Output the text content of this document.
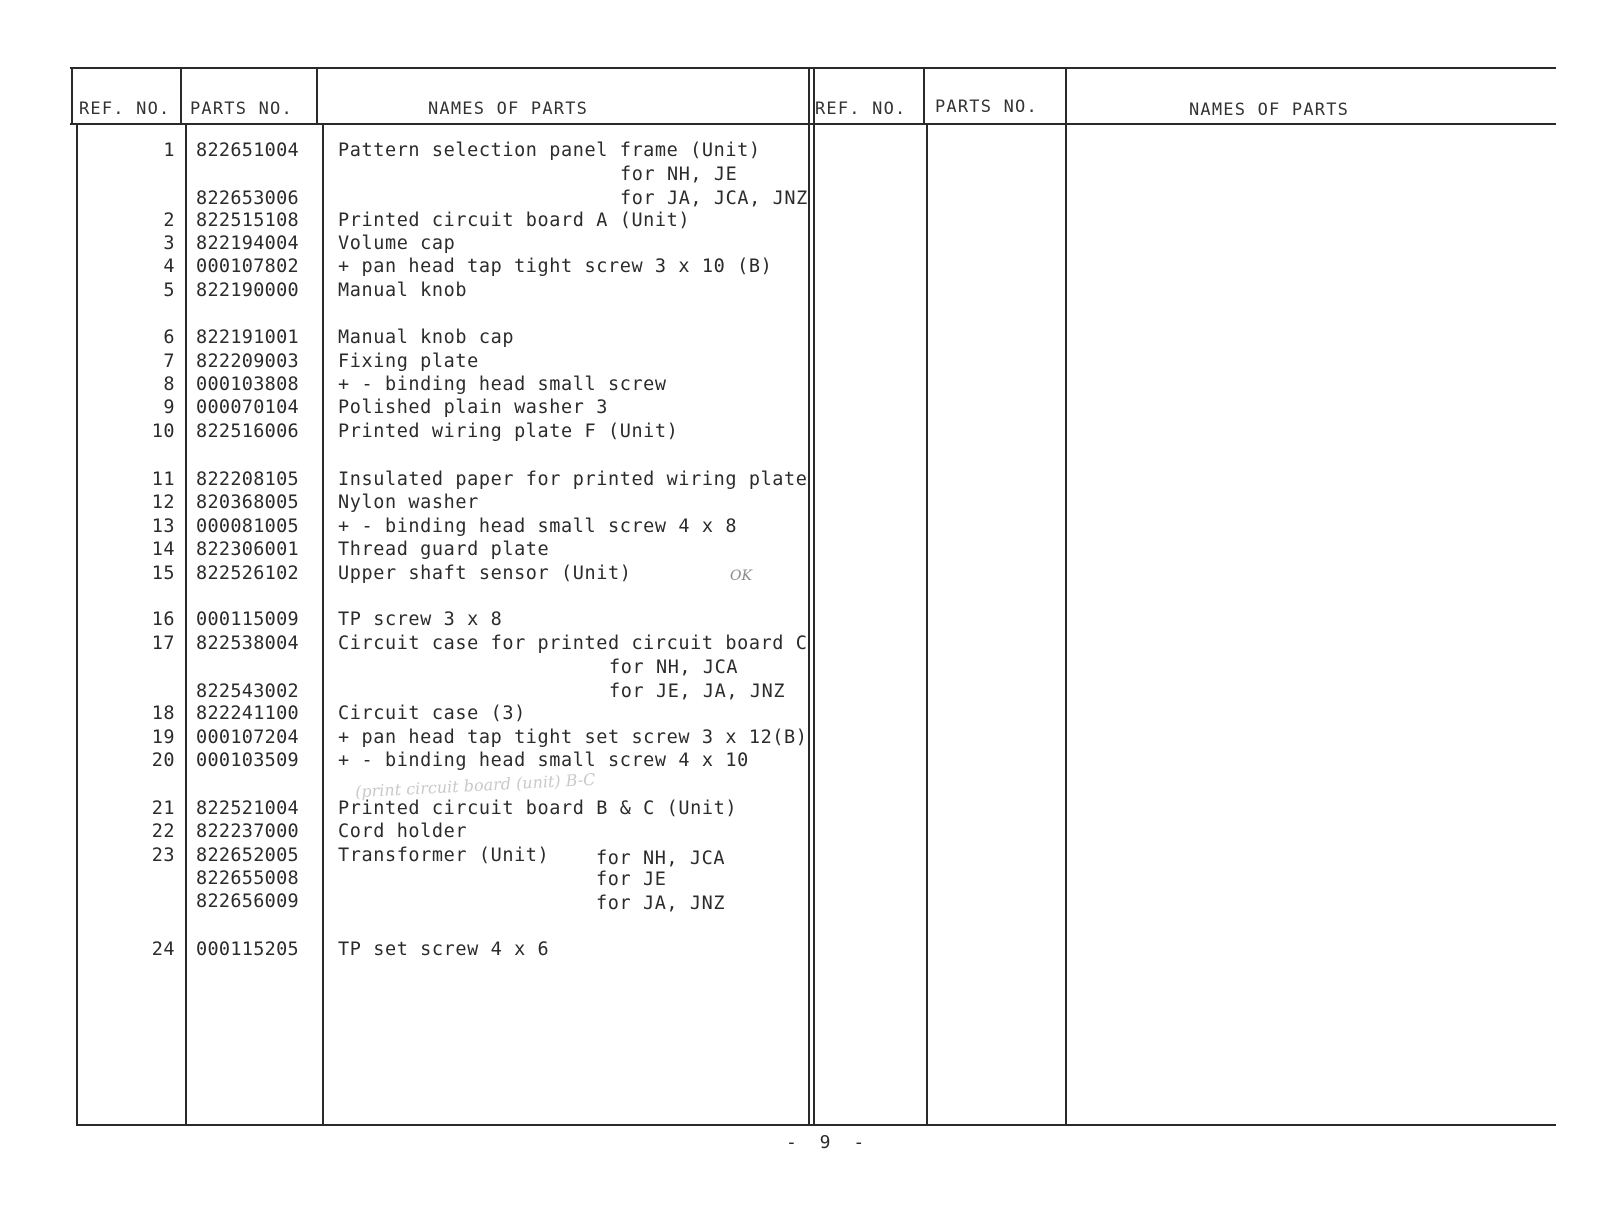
REF. NO. PARTS NO.	NAMES OF PARTS	REF. NO. PARTS NO.	NAMES OF PARTS
1 822651004 Pattern selection panel frame (Unit)
for NH, JE
822653006	for JA, JCA, JNZ
2 822515108 Printed circuit board A (Unit)
3 822194004 Volume cap
4 000107802 + pan head tap tight screw 3 x 10 (B)
5 822190000 Manual knob
6 822191001 Manual knob cap
7 822209003 Fixing plate
8 000103808 + - binding head small screw
9 000070104 Polished plain washer 3
10 822516006 Printed wiring plate F (Unit)
11 822208105 Insulated paper for printed wiring plate
12 820368005 Nylon washer
13 000081005 + - binding head small screw 4 x 8
14 822306001 Thread guard plate
15 822526102 Upper shaft sensor (Unit)
16 000115009 TP screw 3 x 8
17 822538004 Circuit case for printed circuit board C
for NH, JCA
822543002	for JE, JA, JNZ
18 822241100 Circuit case (3)
19 000107204 + pan head tap tight set screw 3 x 12(B)
20 000103509 + - binding head small screw 4 x 10
21 822521004 Printed circuit board B & C (Unit)
22 822237000 Cord holder
23 822652005 Transformer (Unit)	for NH, JCA
822655008	for JE
822656009	for JA, JNZ
24 000115205 TP set screw 4 x 6
OK
(print circuit board (unit) B-C
- 9 -
